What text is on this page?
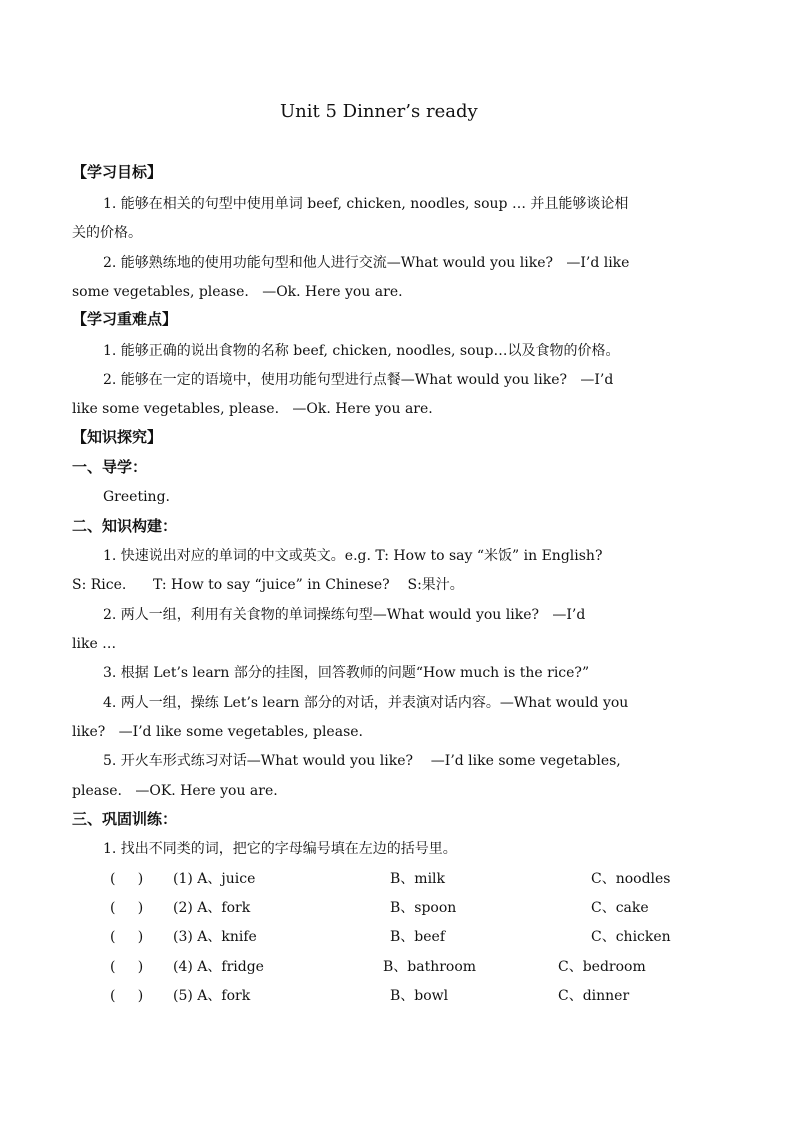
Unit 5 Dinner’s ready
【学习目标】
1. 能够在相关的句型中使用单词 beef, chicken, noodles, soup … 并且能够谈论相
关的价格。
2. 能够熟练地的使用功能句型和他人进行交流—What would you like?   —I’d like
some vegetables, please.   —Ok. Here you are.
【学习重难点】
1. 能够正确的说出食物的名称 beef, chicken, noodles, soup…以及食物的价格。
2. 能够在一定的语境中，使用功能句型进行点餐—What would you like?   —I’d
like some vegetables, please.   —Ok. Here you are.
【知识探究】
一、导学：
Greeting.
二、知识构建：
1. 快速说出对应的单词的中文或英文。e.g. T: How to say “米饭” in English?
S: Rice.      T: How to say “juice” in Chinese?    S:果汁。
2. 两人一组，利用有关食物的单词操练句型—What would you like?   —I’d
like …
3. 根据 Let’s learn 部分的挂图，回答教师的问题“How much is the rice?”
4. 两人一组，操练 Let’s learn 部分的对话，并表演对话内容。—What would you
like?   —I’d like some vegetables, please.
5. 开火车形式练习对话—What would you like?    —I’d like some vegetables,
please.   —OK. Here you are.
三、巩固训练：
1. 找出不同类的词，把它的字母编号填在左边的括号里。
(     ) (1) A、juice	B、milk	C、noodles
(     ) (2) A、fork	B、spoon	C、cake
(     ) (3) A、knife	B、beef	C、chicken
(     ) (4) A、fridge	B、bathroom	C、bedroom
(     ) (5) A、fork	B、bowl	C、dinner
